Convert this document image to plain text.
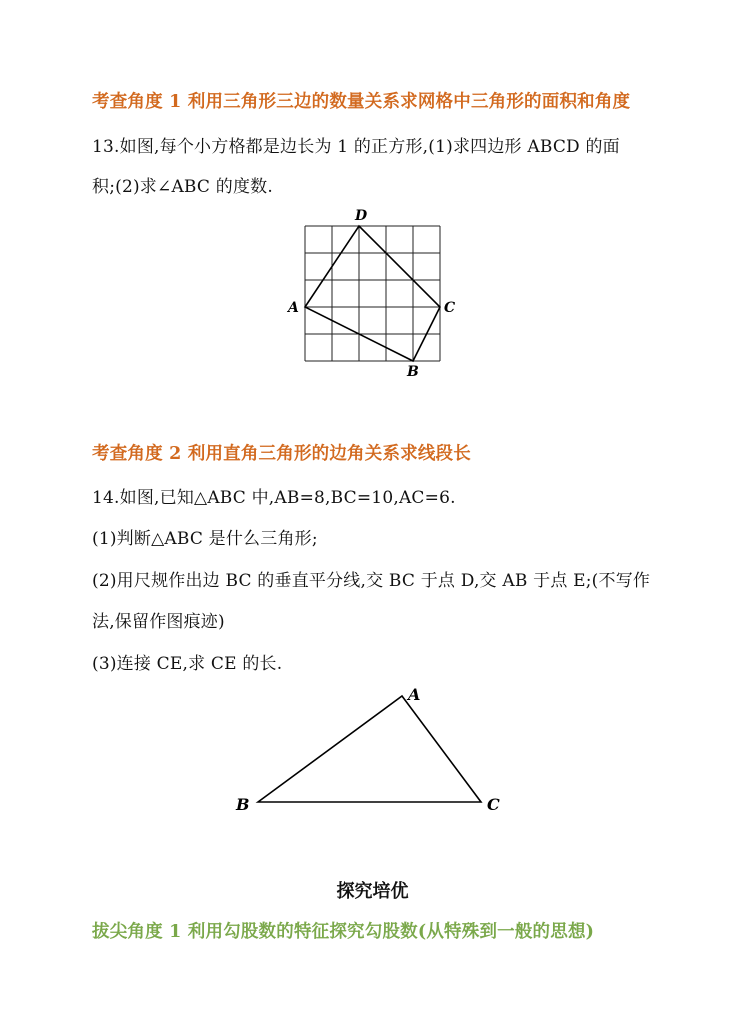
考查角度 1 利用三角形三边的数量关系求网格中三角形的面积和角度
13.如图,每个小方格都是边长为 1 的正方形,(1)求四边形 ABCD 的面
积;(2)求∠ABC 的度数.
D
A	C
B
考查角度 2 利用直角三角形的边角关系求线段长
14.如图,已知△ABC 中,AB=8,BC=10,AC=6.
(1)判断△ABC 是什么三角形;
(2)用尺规作出边 BC 的垂直平分线,交 BC 于点 D,交 AB 于点 E;(不写作
法,保留作图痕迹)
(3)连接 CE,求 CE 的长.
A
B	C
探究培优
拔尖角度 1 利用勾股数的特征探究勾股数(从特殊到一般的思想)
